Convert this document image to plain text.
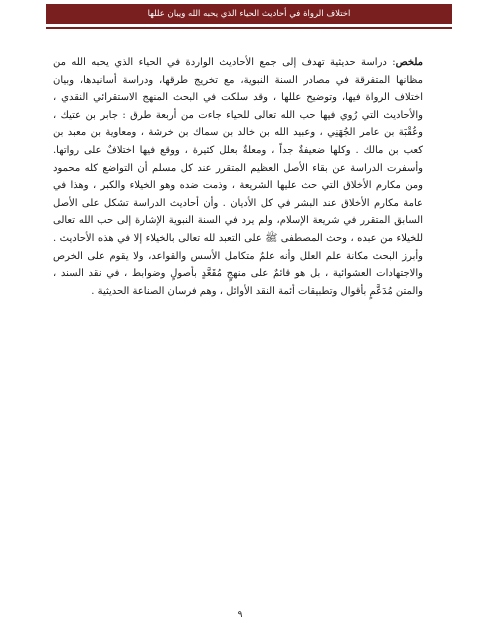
اختلاف الرواة في أحاديث الحياء الذي يحبه الله ويبان عللها

ملخص: دراسة حديثية تهدف إلى جمع الأحاديث الواردة في الحياء الذي يحبه الله من مظانها المتفرقة في مصادر السنة النبوية، مع تخريج طرقها، ودراسة أسانيدها، وبيان اختلاف الرواة فيها، وتوضيح عللها ، وقد سلكت في البحث المنهج الاستقرائي النقدي ، والأحاديث التي رُوي فيها حب الله تعالى للحياء جاءت من أربعة طرق : جابر بن عتيك ، وعُقْبَة بن عامر الجُهَنِي ، وعبيد الله بن خالد بن سماك بن خرشة ، ومعاوية بن معبد بن كعب بن مالك . وكلها ضعيفةٌ جداً ، ومعلةٌ بعلل كثيرة ، ووقع فيها اختلافٌ على رواتها. وأسفرت الدراسة عن بقاء الأصل العظيم المتقرر عند كل مسلم أن التواضع كله محمود ومن مكارم الأخلاق التي حث عليها الشريعة ، وذمت ضده وهو الخيلاء والكبر ، وهذا في عامة مكارم الأخلاق عند البشر في كل الأديان . وأن أحاديث الدراسة تشكل على الأصل السابق المتقرر في شريعة الإسلام، ولم يرد في السنة النبوية الإشارة إلى حب الله تعالى للخيلاء من عبده ، وحث المصطفى ﷺ على التعبد لله تعالى بالخيلاء إلا في هذه الأحاديث . وأبرز البحث مكانة علم العلل وأنه علمٌ متكامل الأسس والقواعد، ولا يقوم على الخرص والاجتهادات العشوائية ، بل هو قائمٌ على منهجٍ مُقَعَّدٍ بأصولٍ وضوابط ، في نقد السند ، والمتن مُدَعَّمٍ بأقوال وتطبيقات أئمة النقد الأوائل ، وهم فرسان الصناعة الحديثية .

٩
